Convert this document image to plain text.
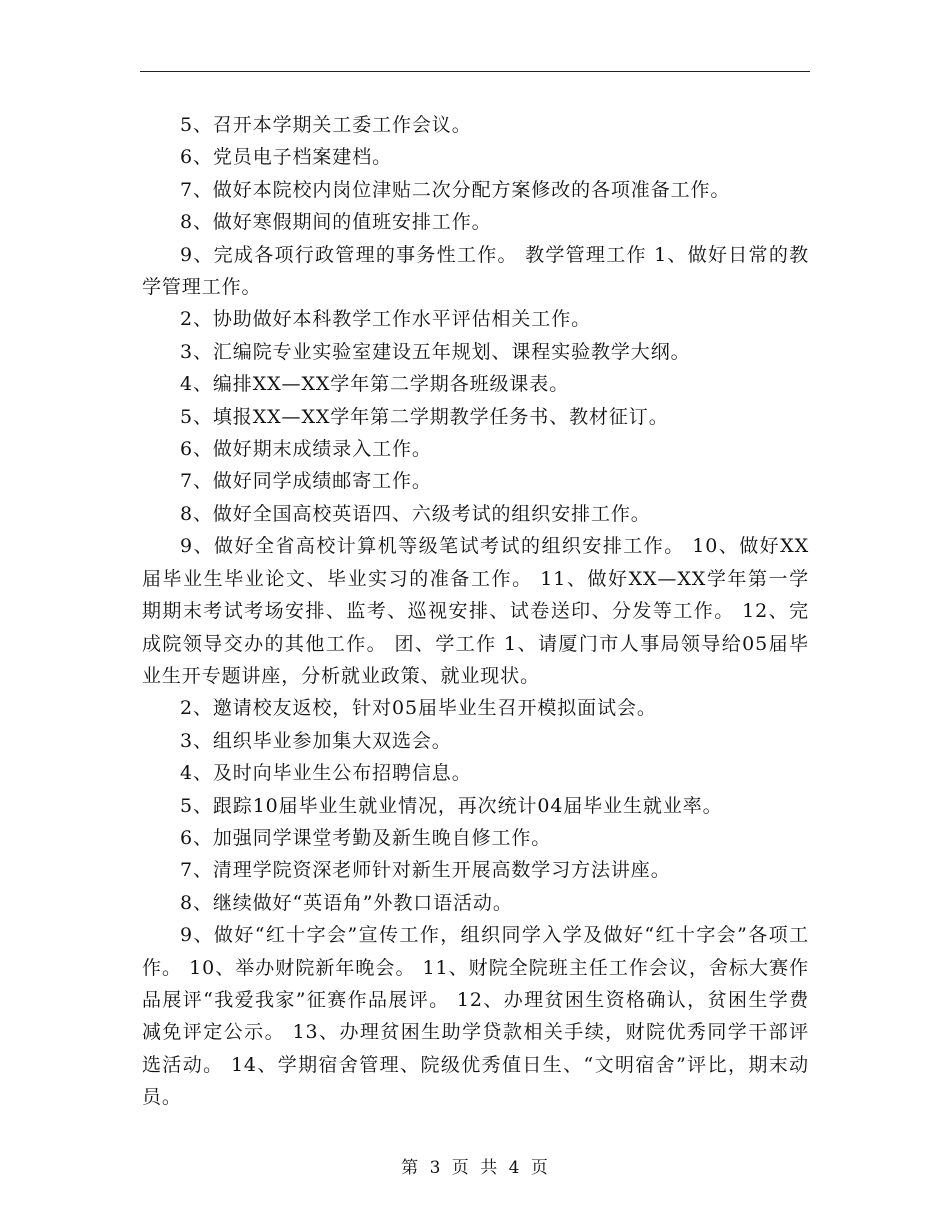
5、召开本学期关工委工作会议。

6、党员电子档案建档。

7、做好本院校内岗位津贴二次分配方案修改的各项准备工作。

8、做好寒假期间的值班安排工作。

9、完成各项行政管理的事务性工作。 教学管理工作 1、做好日常的教学管理工作。

2、协助做好本科教学工作水平评估相关工作。

3、汇编院专业实验室建设五年规划、课程实验教学大纲。

4、编排XX—XX学年第二学期各班级课表。

5、填报XX—XX学年第二学期教学任务书、教材征订。

6、做好期末成绩录入工作。

7、做好同学成绩邮寄工作。

8、做好全国高校英语四、六级考试的组织安排工作。

9、做好全省高校计算机等级笔试考试的组织安排工作。 10、做好XX届毕业生毕业论文、毕业实习的准备工作。 11、做好XX—XX学年第一学期期末考试考场安排、监考、巡视安排、试卷送印、分发等工作。 12、完成院领导交办的其他工作。 团、学工作 1、请厦门市人事局领导给05届毕业生开专题讲座，分析就业政策、就业现状。

2、邀请校友返校，针对05届毕业生召开模拟面试会。

3、组织毕业参加集大双选会。

4、及时向毕业生公布招聘信息。

5、跟踪10届毕业生就业情况，再次统计04届毕业生就业率。

6、加强同学课堂考勤及新生晚自修工作。

7、清理学院资深老师针对新生开展高数学习方法讲座。

8、继续做好“英语角”外教口语活动。

9、做好“红十字会”宣传工作，组织同学入学及做好“红十字会”各项工作。 10、举办财院新年晚会。 11、财院全院班主任工作会议，舍标大赛作品展评“我爱我家”征赛作品展评。 12、办理贫困生资格确认，贫困生学费减免评定公示。 13、办理贫困生助学贷款相关手续，财院优秀同学干部评选活动。 14、学期宿舍管理、院级优秀值日生、“文明宿舍”评比，期末动员。

第 3 页 共 4 页
